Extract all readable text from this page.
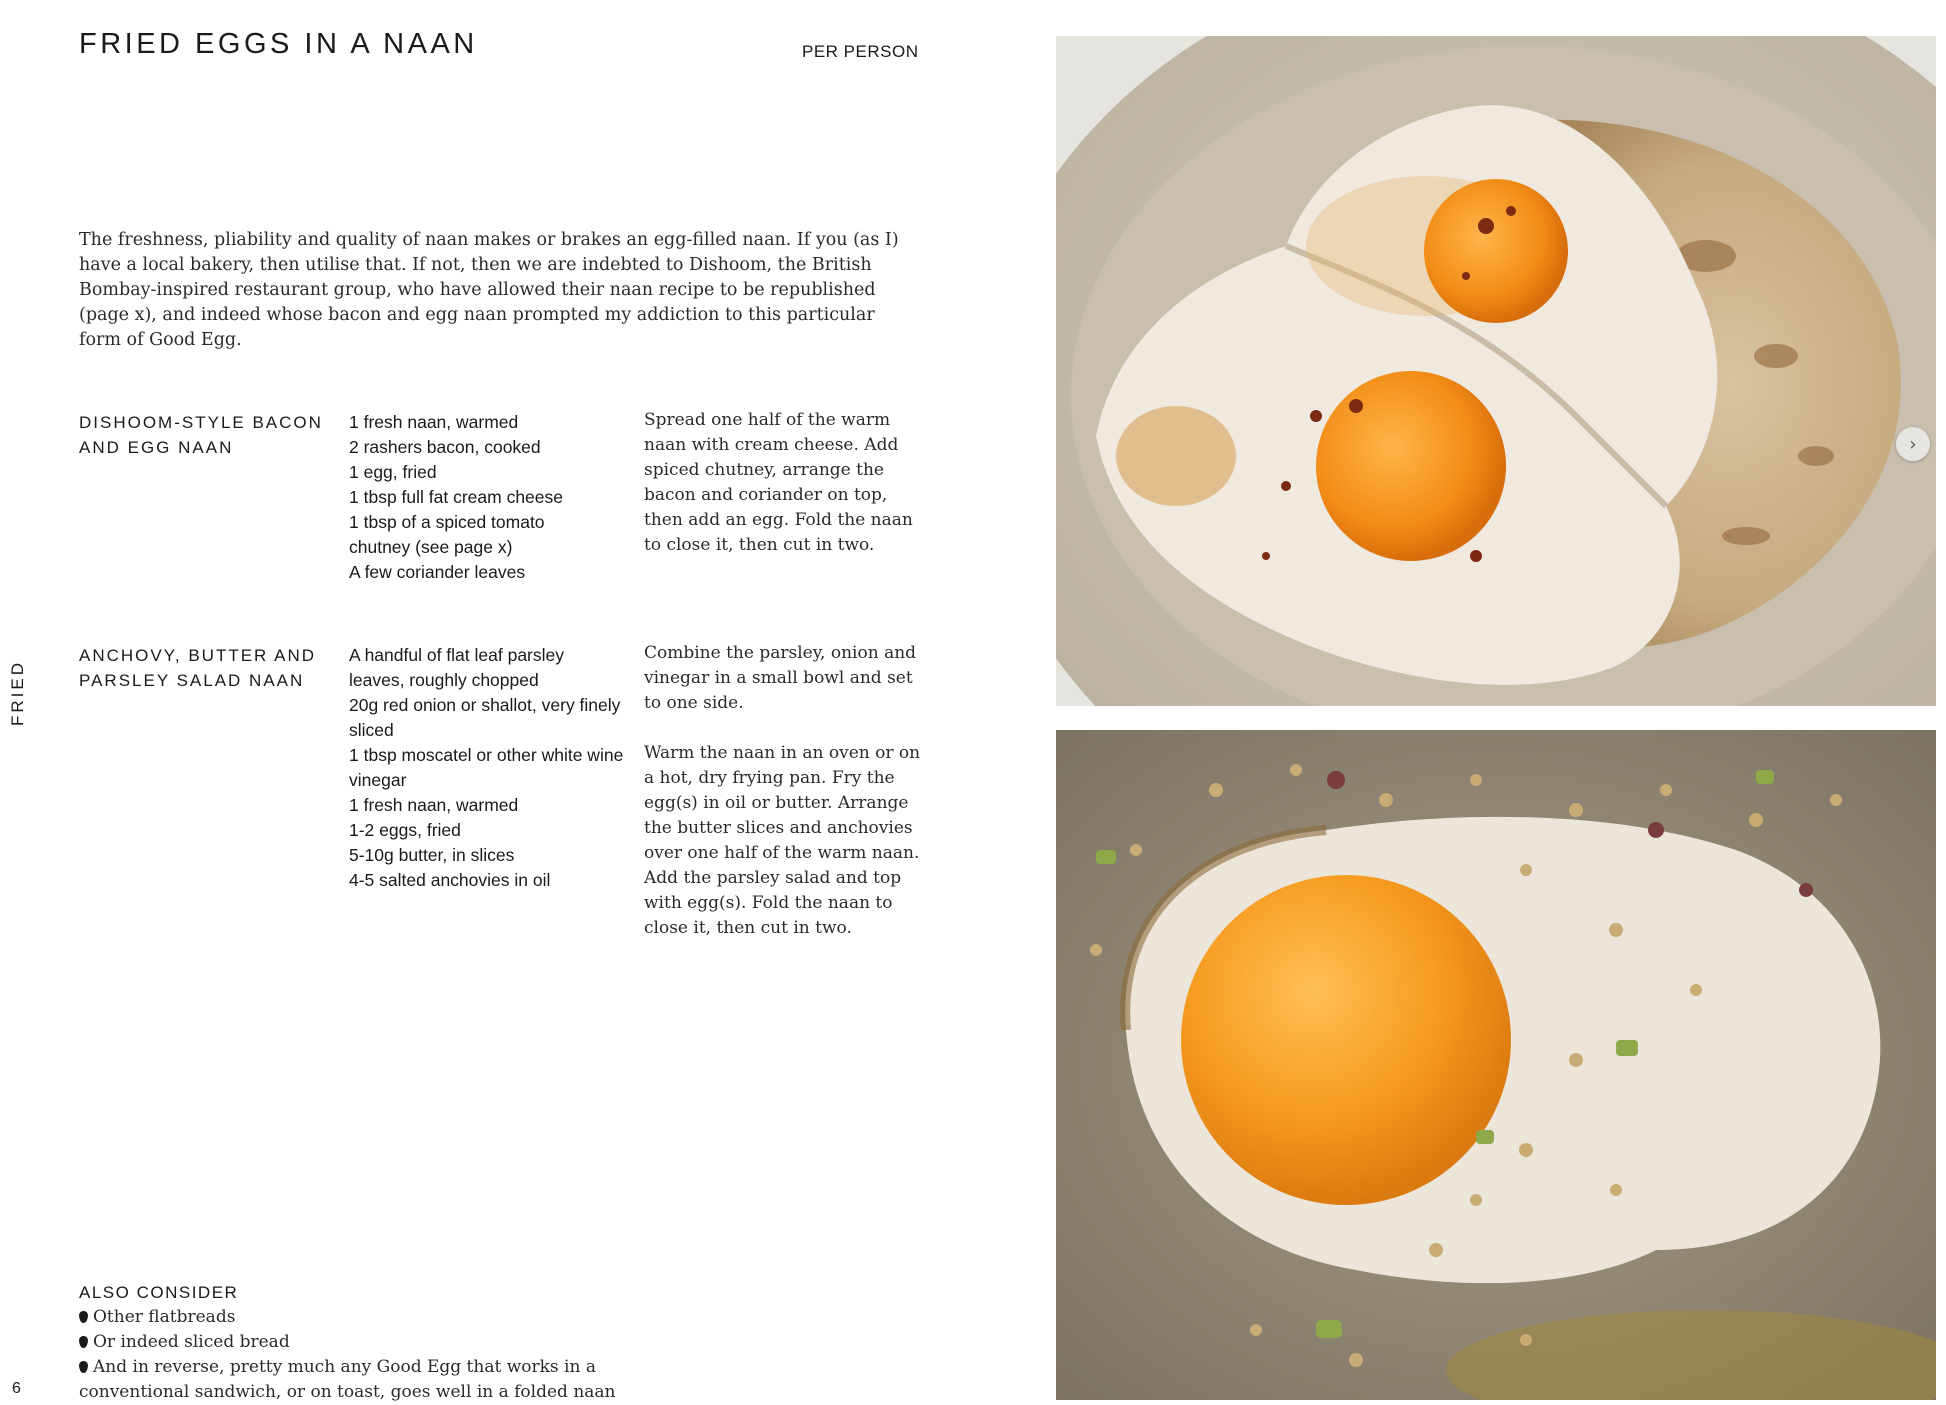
FRIED EGGS IN A NAAN	PER PERSON

The freshness, pliability and quality of naan makes or brakes an egg-filled naan. If you (as I) have a local bakery, then utilise that. If not, then we are indebted to Dishoom, the British Bombay-inspired restaurant group, who have allowed their naan recipe to be republished (page x), and indeed whose bacon and egg naan prompted my addiction to this particular form of Good Egg.

DISHOOM-STYLE BACON AND EGG NAAN
1 fresh naan, warmed
2 rashers bacon, cooked
1 egg, fried
1 tbsp full fat cream cheese
1 tbsp of a spiced tomato chutney (see page x)
A few coriander leaves

Spread one half of the warm naan with cream cheese. Add spiced chutney, arrange the bacon and coriander on top, then add an egg. Fold the naan to close it, then cut in two.

ANCHOVY, BUTTER AND PARSLEY SALAD NAAN
A handful of flat leaf parsley leaves, roughly chopped
20g red onion or shallot, very finely sliced
1 tbsp moscatel or other white wine vinegar
1 fresh naan, warmed
1-2 eggs, fried
5-10g butter, in slices
4-5 salted anchovies in oil

Combine the parsley, onion and vinegar in a small bowl and set to one side.

Warm the naan in an oven or on a hot, dry frying pan. Fry the egg(s) in oil or butter. Arrange the butter slices and anchovies over one half of the warm naan. Add the parsley salad and top with egg(s). Fold the naan to close it, then cut in two.

ALSO CONSIDER
Other flatbreads
Or indeed sliced bread
And in reverse, pretty much any Good Egg that works in a conventional sandwich, or on toast, goes well in a folded naan
FRIED
6
›
